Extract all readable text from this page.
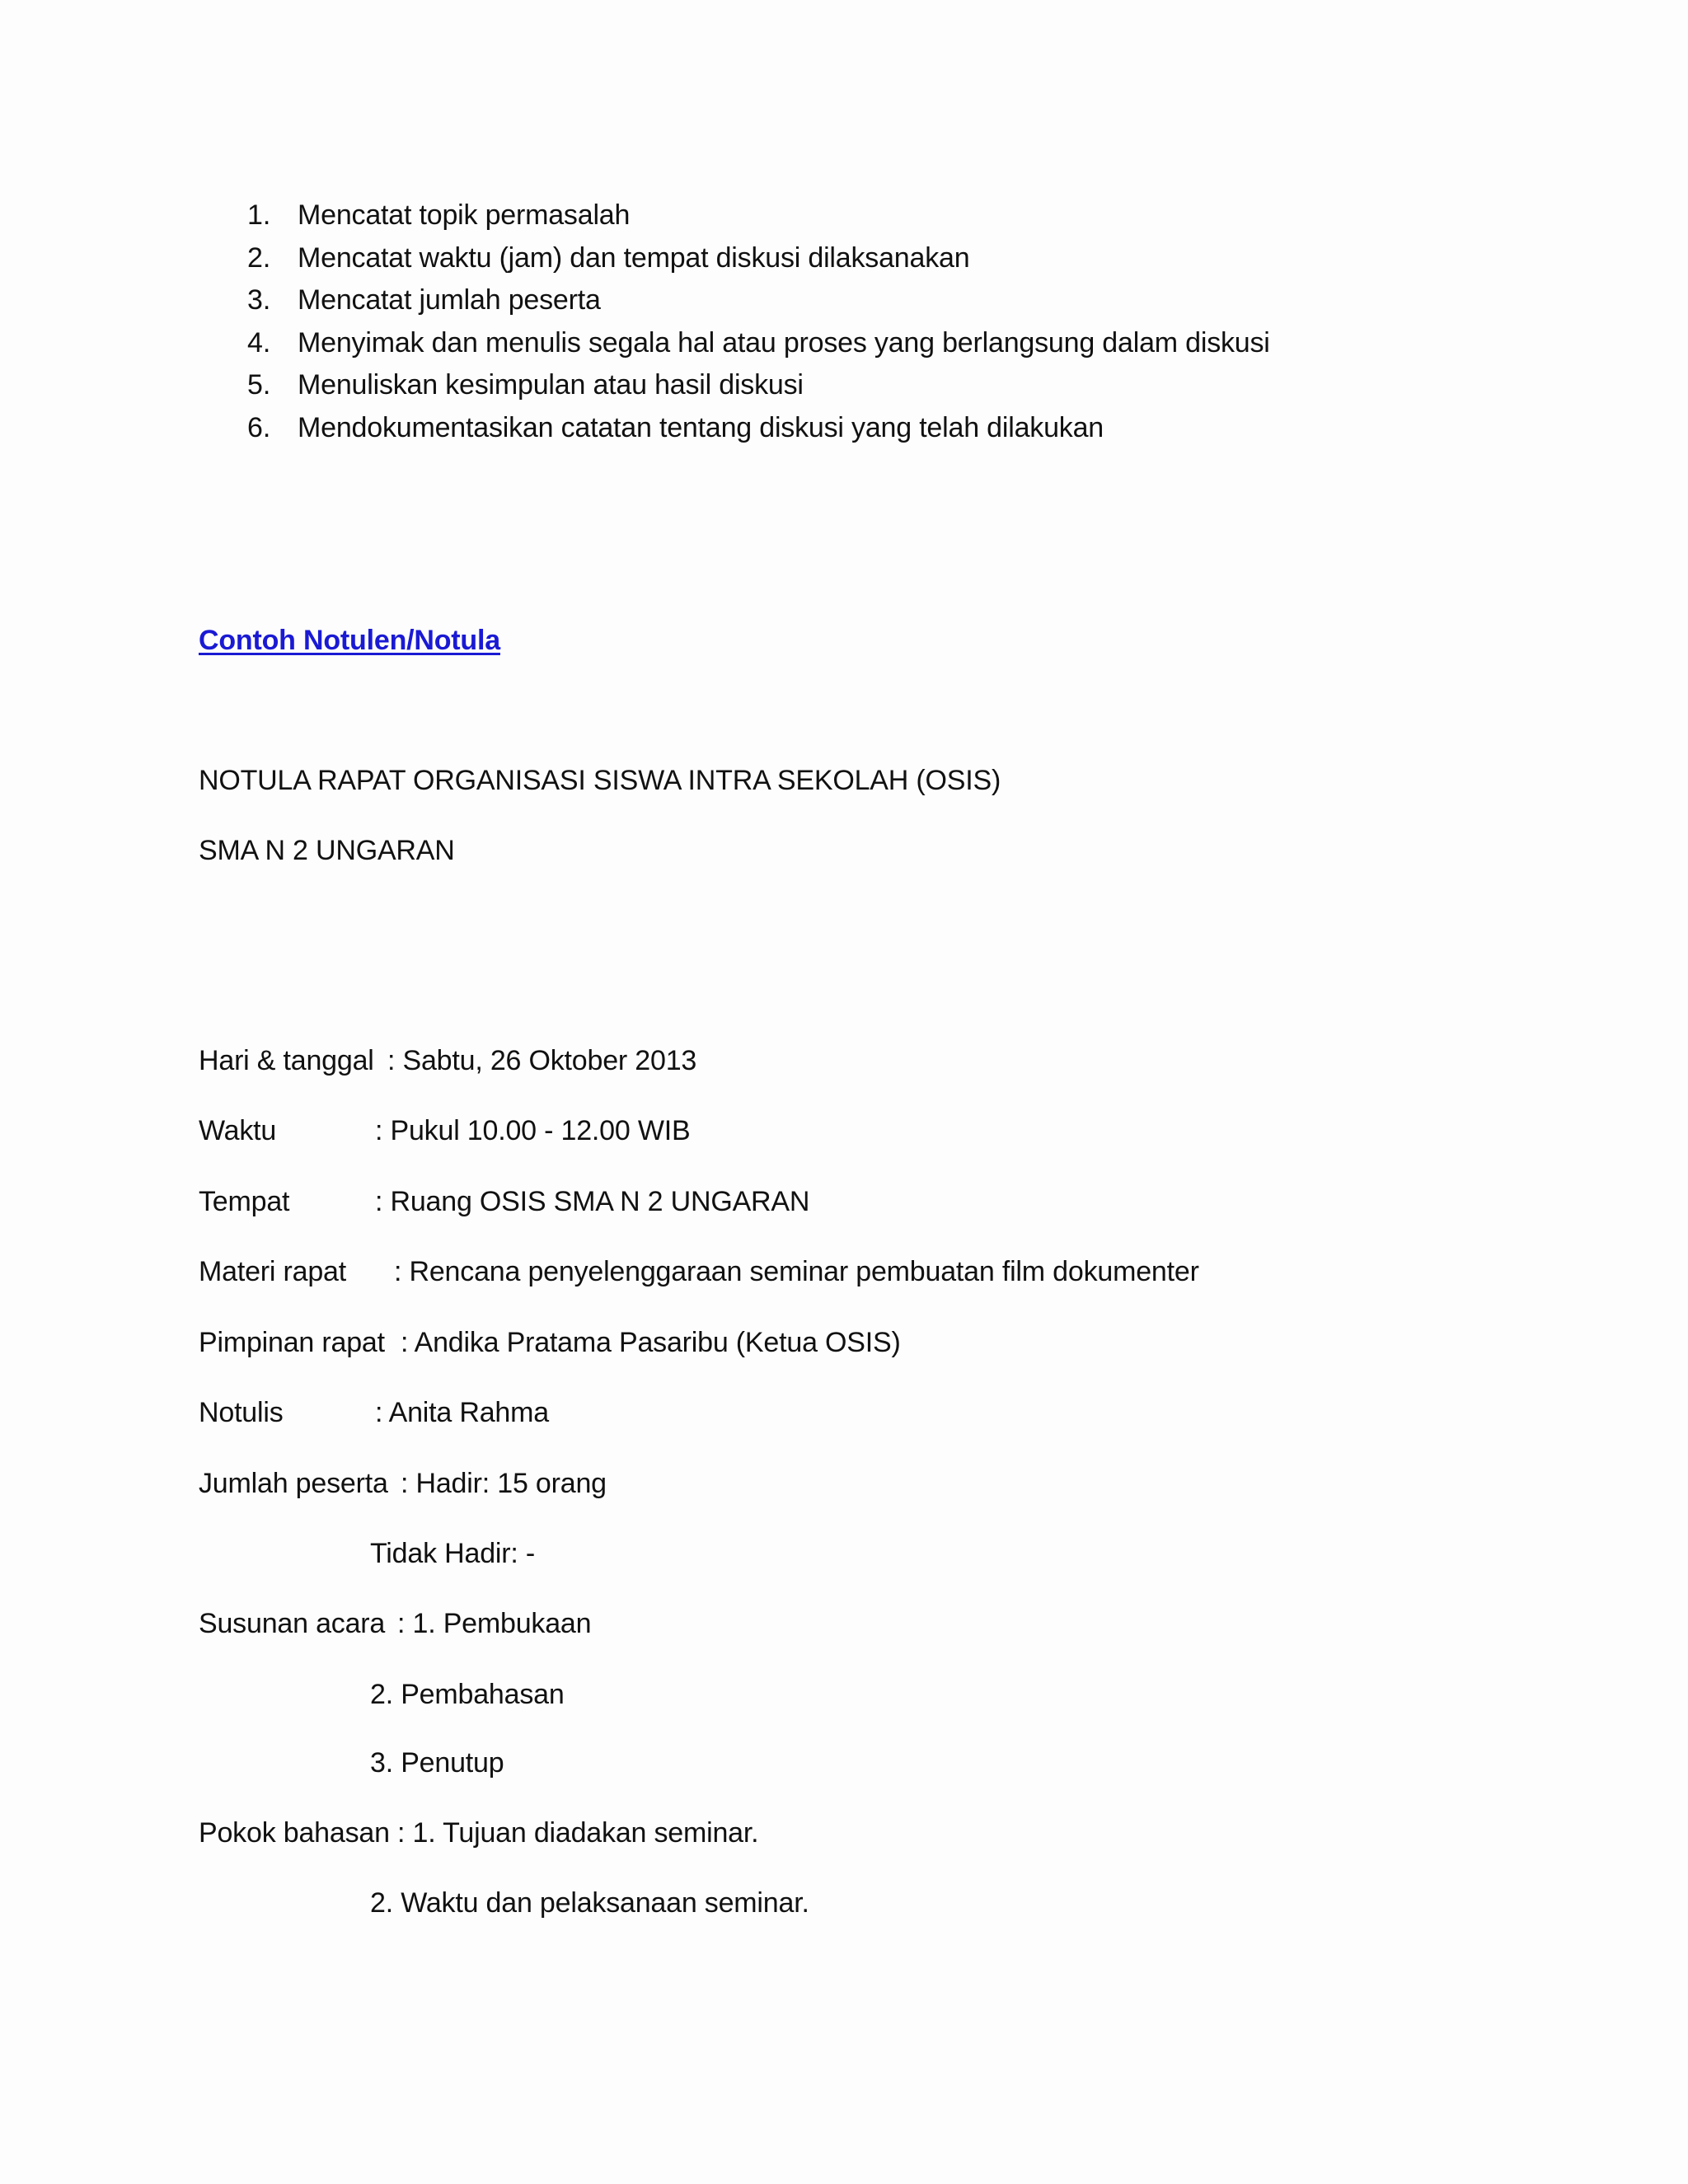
1. Mencatat topik permasalah
2. Mencatat waktu (jam) dan tempat diskusi dilaksanakan
3. Mencatat jumlah peserta
4. Menyimak dan menulis segala hal atau proses yang berlangsung dalam diskusi
5. Menuliskan kesimpulan atau hasil diskusi
6. Mendokumentasikan catatan tentang diskusi yang telah dilakukan
Contoh Notulen/Notula
NOTULA RAPAT ORGANISASI SISWA INTRA SEKOLAH (OSIS)
SMA N 2 UNGARAN
Hari & tanggal : Sabtu, 26 Oktober 2013
Waktu	: Pukul 10.00 - 12.00 WIB
Tempat	: Ruang OSIS SMA N 2 UNGARAN
Materi rapat : Rencana penyelenggaraan seminar pembuatan film dokumenter
Pimpinan rapat : Andika Pratama Pasaribu (Ketua OSIS)
Notulis	: Anita Rahma
Jumlah peserta : Hadir: 15 orang
Tidak Hadir: -
Susunan acara : 1. Pembukaan
2. Pembahasan
3. Penutup
Pokok bahasan : 1. Tujuan diadakan seminar.
2. Waktu dan pelaksanaan seminar.
